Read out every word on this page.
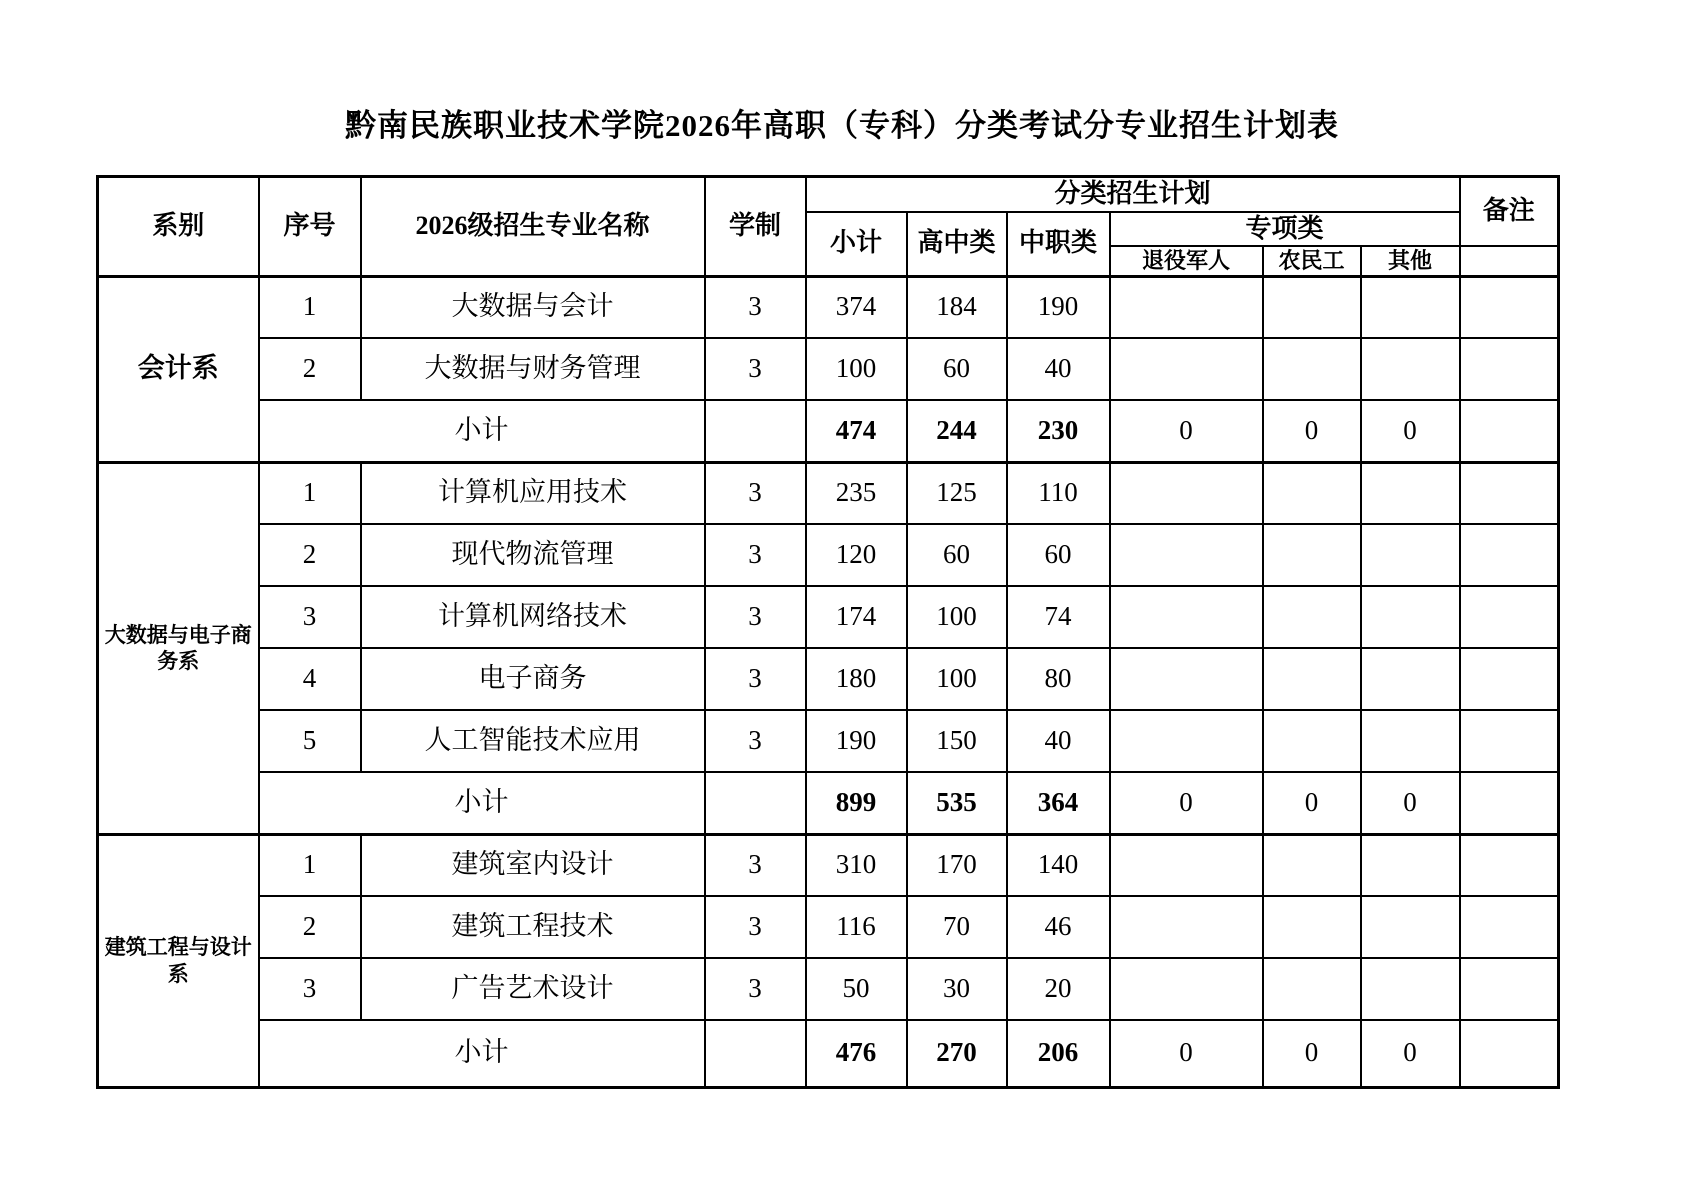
黔南民族职业技术学院2026年高职（专科）分类考试分专业招生计划表
系别	序号	2026级招生专业名称	学制	分类招生计划						备注
				小计	高中类	中职类	专项类			
							退役军人	农民工	其他	
会计系	1	大数据与会计	3	374	184	190				
	2	大数据与财务管理	3	100	60	40				
	小计			474	244	230	0	0	0	
大数据与电子商务系	1	计算机应用技术	3	235	125	110				
	2	现代物流管理	3	120	60	60				
	3	计算机网络技术	3	174	100	74				
	4	电子商务	3	180	100	80				
	5	人工智能技术应用	3	190	150	40				
	小计			899	535	364	0	0	0	
建筑工程与设计系	1	建筑室内设计	3	310	170	140				
	2	建筑工程技术	3	116	70	46				
	3	广告艺术设计	3	50	30	20				
	小计			476	270	206	0	0	0	
